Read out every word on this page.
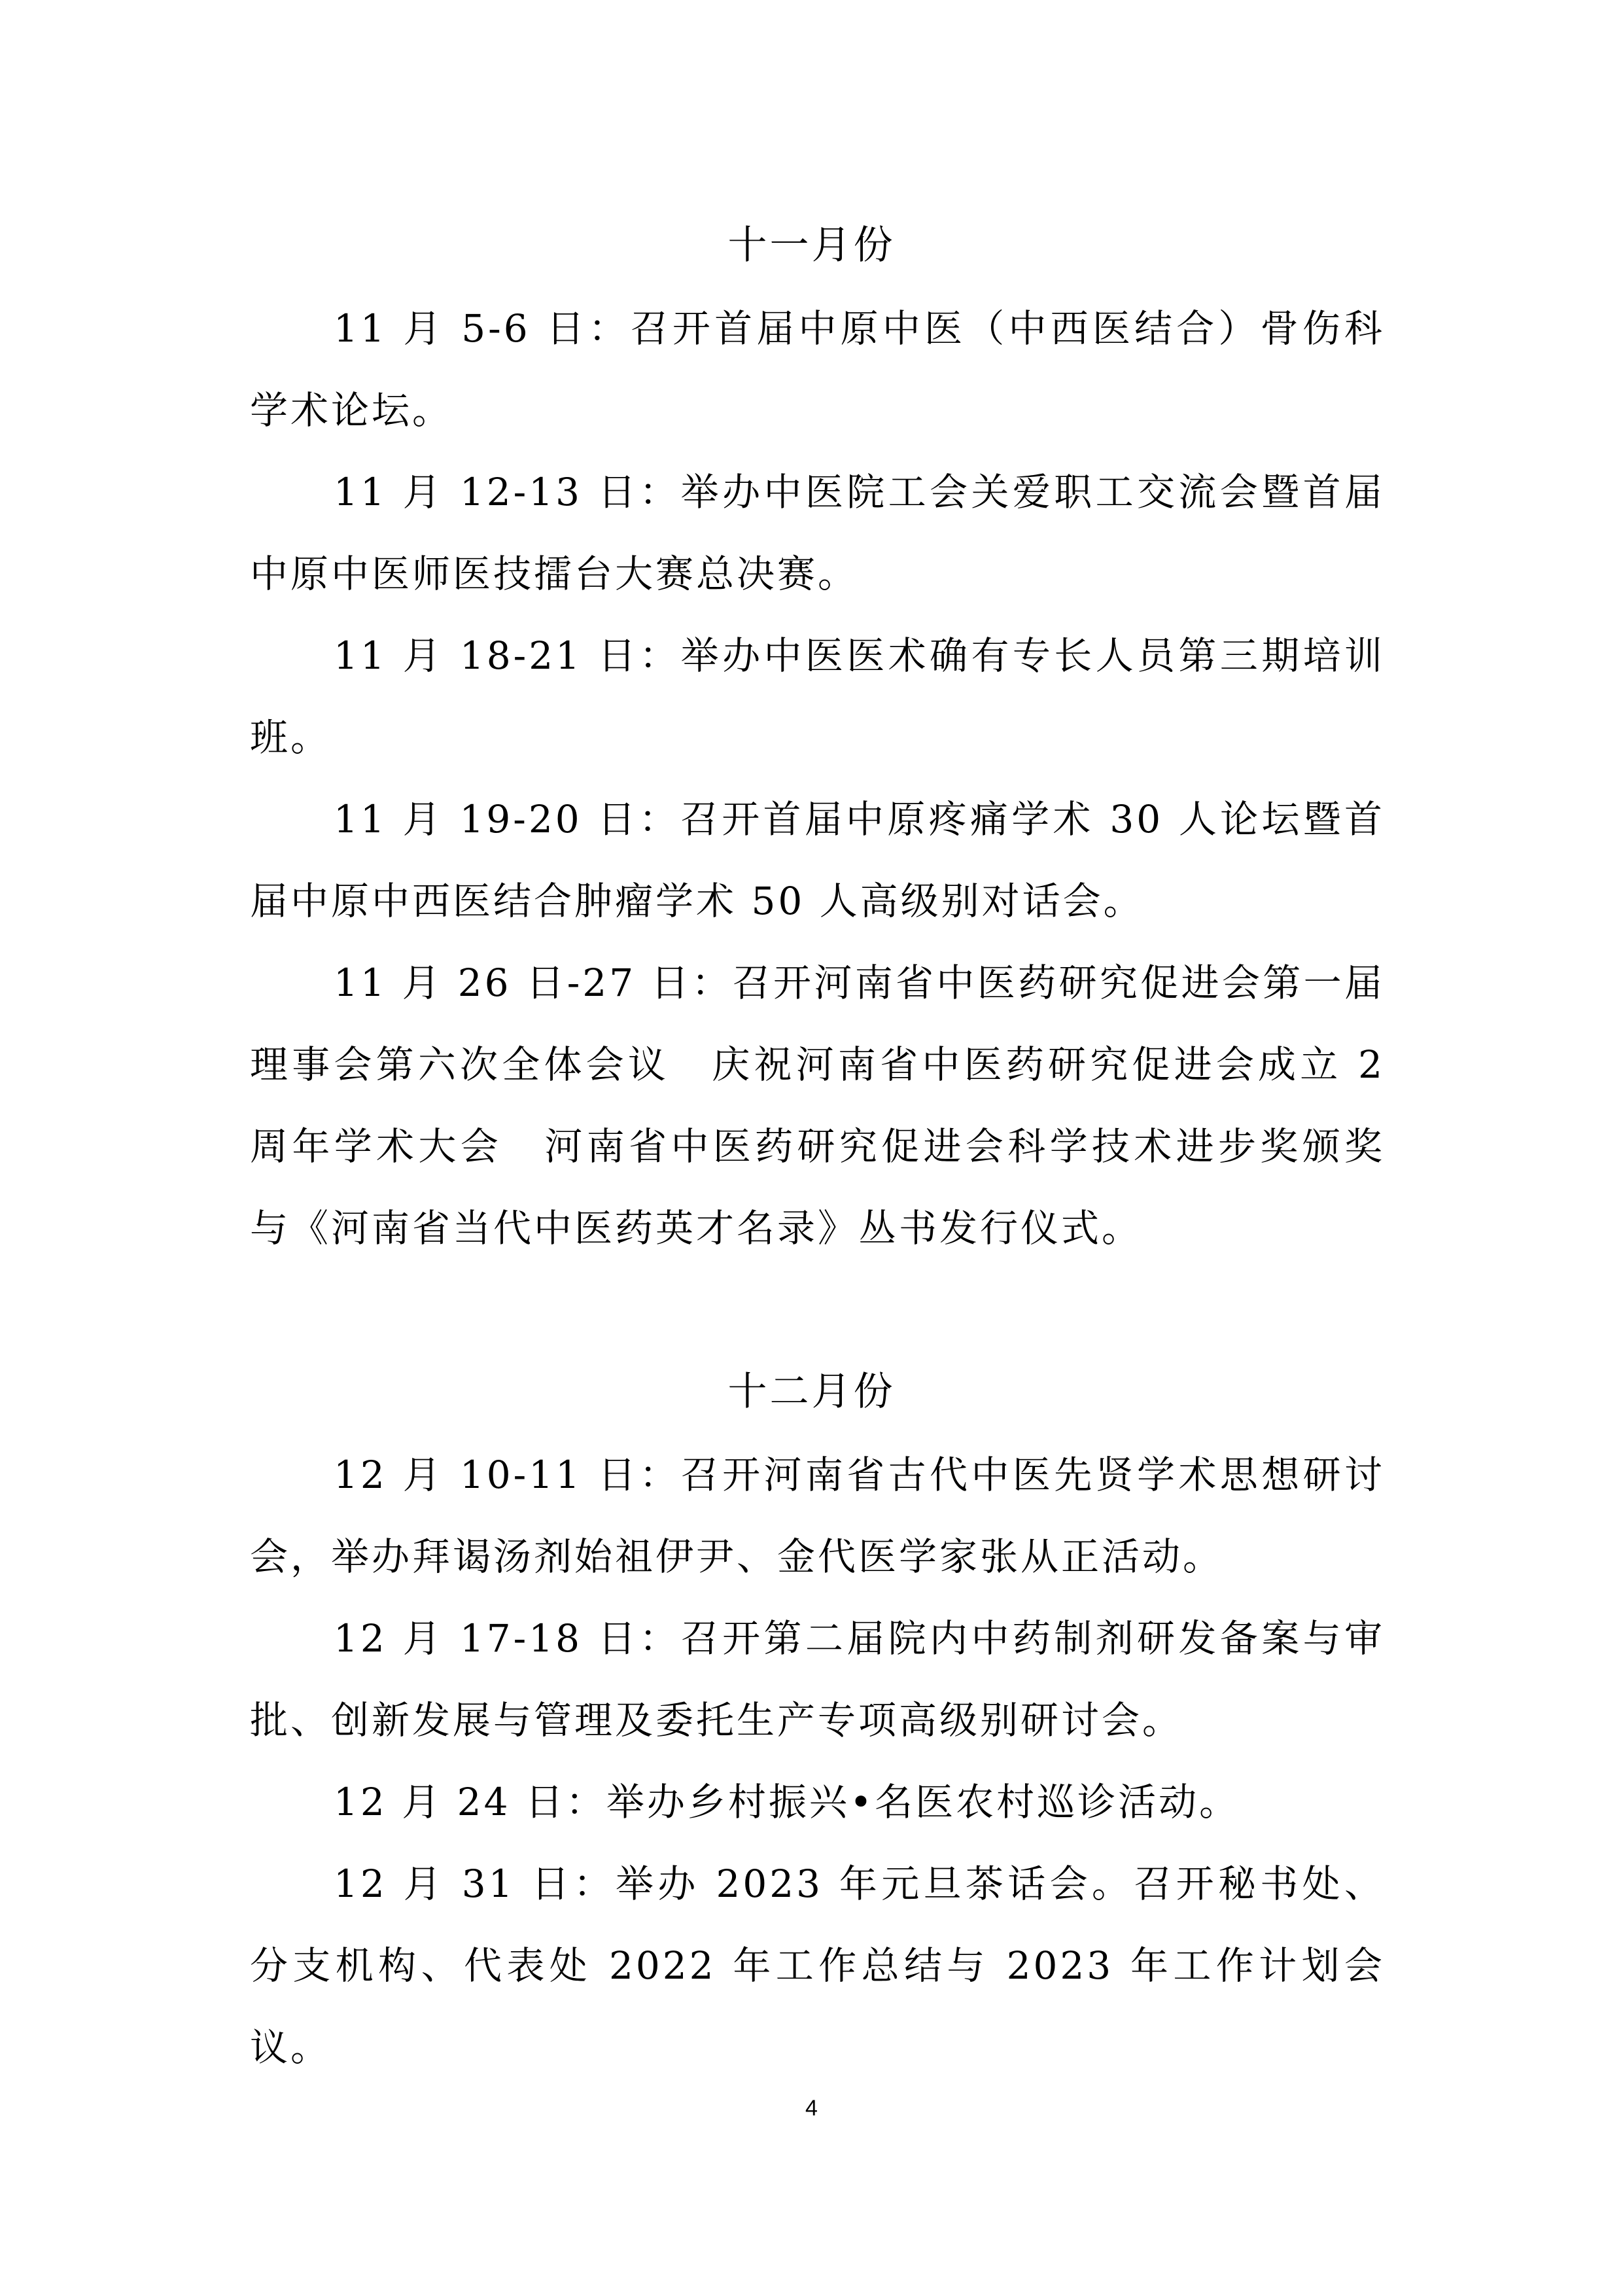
十一月份

11 月 5-6 日：召开首届中原中医（中西医结合）骨伤科学术论坛。

11 月 12-13 日：举办中医院工会关爱职工交流会暨首届中原中医师医技擂台大赛总决赛。

11 月 18-21 日：举办中医医术确有专长人员第三期培训班。

11 月 19-20 日：召开首届中原疼痛学术 30 人论坛暨首届中原中西医结合肿瘤学术 50 人高级别对话会。

11 月 26 日-27 日：召开河南省中医药研究促进会第一届理事会第六次全体会议　庆祝河南省中医药研究促进会成立 2 周年学术大会　河南省中医药研究促进会科学技术进步奖颁奖与《河南省当代中医药英才名录》丛书发行仪式。

十二月份

12 月 10-11 日：召开河南省古代中医先贤学术思想研讨会，举办拜谒汤剂始祖伊尹、金代医学家张从正活动。

12 月 17-18 日：召开第二届院内中药制剂研发备案与审批、创新发展与管理及委托生产专项高级别研讨会。

12 月 24 日：举办乡村振兴•名医农村巡诊活动。

12 月 31 日：举办 2023 年元旦茶话会。召开秘书处、分支机构、代表处 2022 年工作总结与 2023 年工作计划会议。

4
